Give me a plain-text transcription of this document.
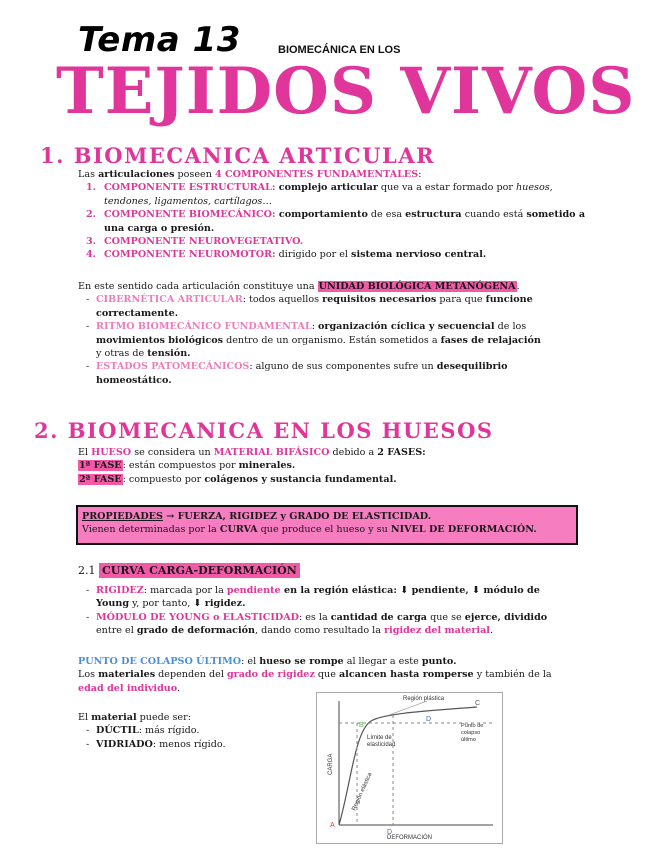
Tema 13	BIOMECÁNICA EN LOS
TEJIDOS VIVOS
1. BIOMECANICA ARTICULAR
Las articulaciones poseen 4 COMPONENTES FUNDAMENTALES:
1. COMPONENTE ESTRUCTURAL: complejo articular que va a estar formado por huesos, tendones, ligamentos, cartílagos…
2. COMPONENTE BIOMECÁNICO: comportamiento de esa estructura cuando está sometido a una carga o presión.
3. COMPONENTE NEUROVEGETATIVO.
4. COMPONENTE NEUROMOTOR: dirigido por el sistema nervioso central.
En este sentido cada articulación constituye una UNIDAD BIOLÓGICA METANÓGENA.
- CIBERNÉTICA ARTICULAR: todos aquellos requisitos necesarios para que funcione correctamente.
- RITMO BIOMECÁNICO FUNDAMENTAL: organización cíclica y secuencial de los movimientos biológicos dentro de un organismo. Están sometidos a fases de relajación y otras de tensión.
- ESTADOS PATOMECÁNICOS: alguno de sus componentes sufre un desequilibrio homeostático.
2. BIOMECANICA EN LOS HUESOS
El HUESO se considera un MATERIAL BIFÁSICO debido a 2 FASES:
1ª FASE: están compuestos por minerales.
2ª FASE: compuesto por colágenos y sustancia fundamental.
PROPIEDADES → FUERZA, RIGIDEZ y GRADO DE ELASTICIDAD.
Vienen determinadas por la CURVA que produce el hueso y su NIVEL DE DEFORMACIÓN.
2.1 CURVA CARGA-DEFORMACIÓN
- RIGIDEZ: marcada por la pendiente en la región elástica: ⬇ pendiente, ⬇ módulo de Young y, por tanto, ⬇ rigidez.
- MÓDULO DE YOUNG o ELASTICIDAD: es la cantidad de carga que se ejerce, dividido entre el grado de deformación, dando como resultado la rigidez del material.
PUNTO DE COLAPSO ÚLTIMO: el hueso se rompe al llegar a este punto.
Los materiales dependen del grado de rigidez que alcancen hasta romperse y también de la edad del individuo.
El material puede ser:
- DÚCTIL: más rígido.
- VIDRIADO: menos rígido.
A
B
C
D
D
Región plástica
Límite de elasticidad
Punto de colapso último
Región elástica
CARGA
DEFORMACIÓN
